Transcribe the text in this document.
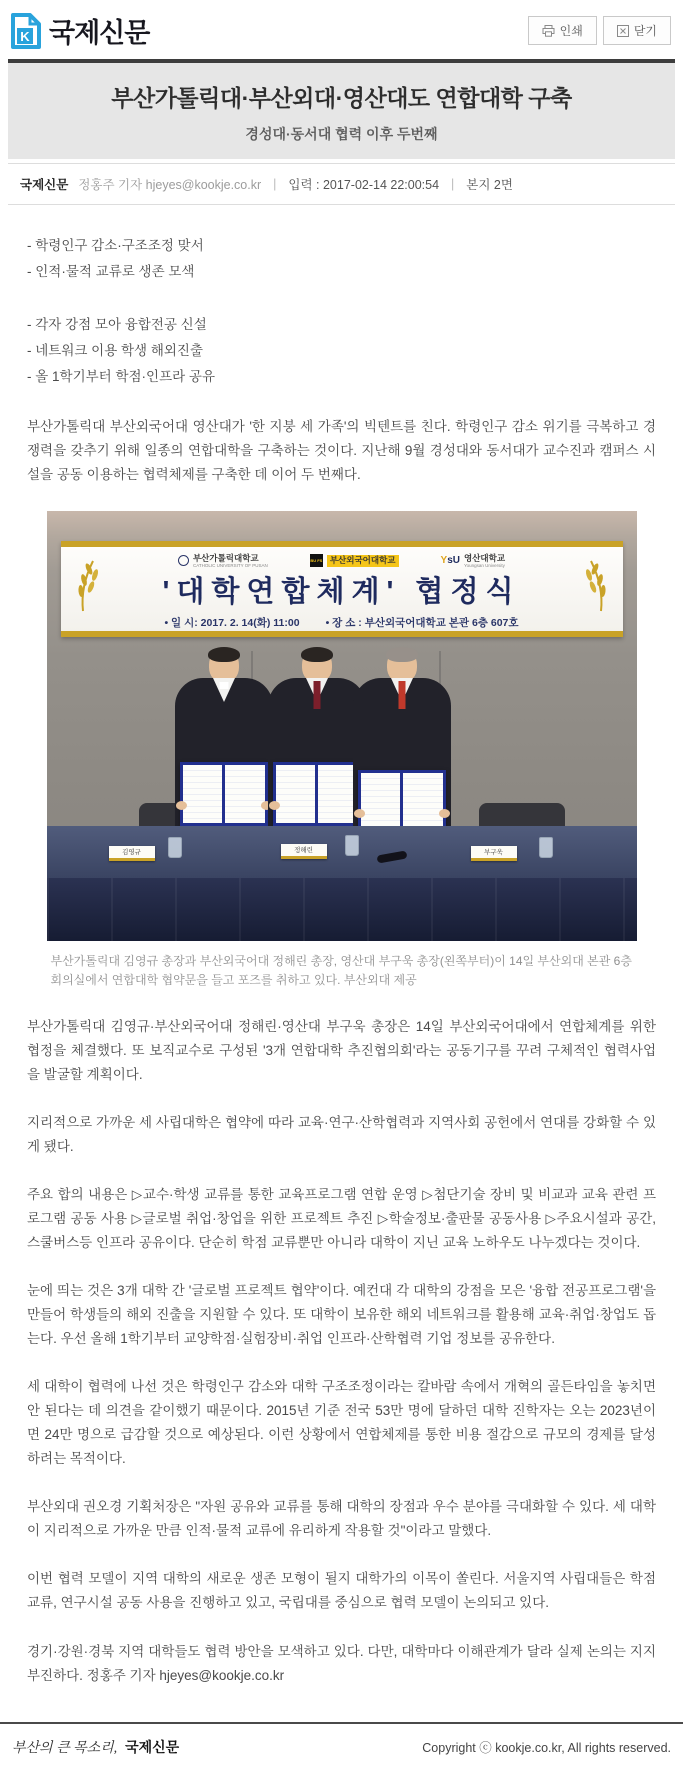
K 국제신문	인쇄	닫기
부산가톨릭대·부산외대·영산대도 연합대학 구축
경성대·동서대 협력 이후 두번째
국제신문 정홍주 기자 hjeyes@kookje.co.kr | 입력 : 2017-02-14 22:00:54 | 본지 2면

- 학령인구 감소·구조조정 맞서

- 인적·물적 교류로 생존 모색

- 각자 강점 모아 융합전공 신설

- 네트워크 이용 학생 해외진출

- 올 1학기부터 학점·인프라 공유

부산가톨릭대 부산외국어대 영산대가 '한 지붕 세 가족'의 빅텐트를 친다. 학령인구 감소 위기를 극복하고 경쟁력을 갖추기 위해 일종의 연합대학을 구축하는 것이다. 지난해 9월 경성대와 동서대가 교수진과 캠퍼스 시설을 공동 이용하는 협력체제를 구축한 데 이어 두 번째다.

부산가톨릭대학교
CATHOLIC UNIVERSITY OF PUSAN
BU FS 부산외국어대학교	YsU 영산대학교
Youngsan University
'대학연합체계' 협정식
• 일 시: 2017. 2. 14(화) 11:00 • 장 소 : 부산외국어대학교 본관 6층 607호
김영규	정해린	부구욱
부산가톨릭대 김영규 총장과 부산외국어대 정해린 총장, 영산대 부구욱 총장(왼쪽부터)이 14일 부산외대 본관 6층 회의실에서 연합대학 협약문을 들고 포즈를 취하고 있다. 부산외대 제공

부산가톨릭대 김영규·부산외국어대 정해린·영산대 부구욱 총장은 14일 부산외국어대에서 연합체계를 위한 협정을 체결했다. 또 보직교수로 구성된 '3개 연합대학 추진협의회'라는 공동기구를 꾸려 구체적인 협력사업을 발굴할 계획이다.

지리적으로 가까운 세 사립대학은 협약에 따라 교육·연구·산학협력과 지역사회 공헌에서 연대를 강화할 수 있게 됐다.

주요 합의 내용은 ▷교수·학생 교류를 통한 교육프로그램 연합 운영 ▷첨단기술 장비 및 비교과 교육 관련 프로그램 공동 사용 ▷글로벌 취업·창업을 위한 프로젝트 추진 ▷학술정보·출판물 공동사용 ▷주요시설과 공간, 스쿨버스등 인프라 공유이다. 단순히 학점 교류뿐만 아니라 대학이 지닌 교육 노하우도 나누겠다는 것이다.

눈에 띄는 것은 3개 대학 간 '글로벌 프로젝트 협약'이다. 예컨대 각 대학의 강점을 모은 '융합 전공프로그램'을 만들어 학생들의 해외 진출을 지원할 수 있다. 또 대학이 보유한 해외 네트워크를 활용해 교육·취업·창업도 돕는다. 우선 올해 1학기부터 교양학점·실험장비·취업 인프라·산학협력 기업 정보를 공유한다.

세 대학이 협력에 나선 것은 학령인구 감소와 대학 구조조정이라는 칼바람 속에서 개혁의 골든타임을 놓치면 안 된다는 데 의견을 같이했기 때문이다. 2015년 기준 전국 53만 명에 달하던 대학 진학자는 오는 2023년이면 24만 명으로 급감할 것으로 예상된다. 이런 상황에서 연합체제를 통한 비용 절감으로 규모의 경제를 달성하려는 목적이다.

부산외대 권오경 기획처장은 "자원 공유와 교류를 통해 대학의 장점과 우수 분야를 극대화할 수 있다. 세 대학이 지리적으로 가까운 만큼 인적·물적 교류에 유리하게 작용할 것"이라고 말했다.

이번 협력 모델이 지역 대학의 새로운 생존 모형이 될지 대학가의 이목이 쏠린다. 서울지역 사립대들은 학점 교류, 연구시설 공동 사용을 진행하고 있고, 국립대를 중심으로 협력 모델이 논의되고 있다.

경기·강원·경북 지역 대학들도 협력 방안을 모색하고 있다. 다만, 대학마다 이해관계가 달라 실제 논의는 지지부진하다. 정홍주 기자 hjeyes@kookje.co.kr

부산의 큰 목소리, 국제신문	Copyright ⓒ kookje.co.kr, All rights reserved.
